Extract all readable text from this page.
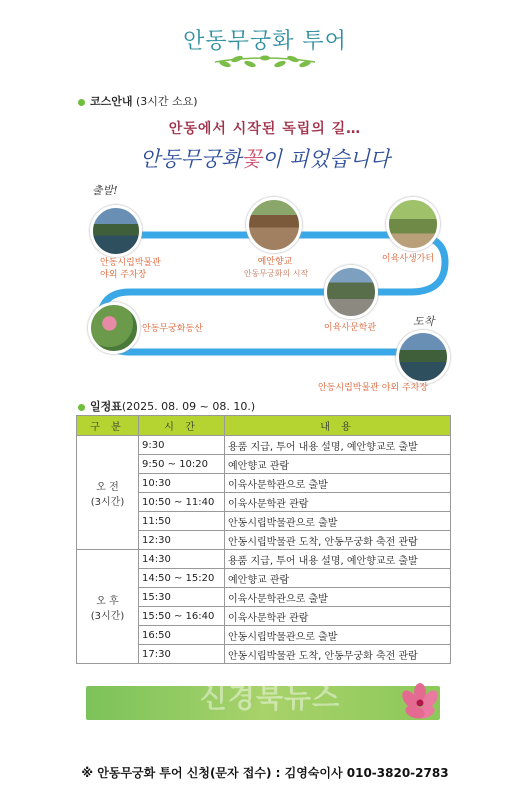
안동무궁화 투어
코스안내 (3시간 소요)
안동에서 시작된 독립의 길…
안동무궁화꽃이 피었습니다
출발!
안동시립박물관
야외 주차장
예안향교
안동무궁화의 시작
이육사생가터
이육사문학관
안동무궁화동산
도착
안동시립박물관 야외 주차장
일정표(2025. 08. 09 ~ 08. 10.)
구 분	시 간	내 용

오 전
(3시간)	9:30	용품 지급, 투어 내용 설명, 예안향교로 출발
	9:50 ~ 10:20	예안향교 관람
	10:30	이육사문학관으로 출발
	10:50 ~ 11:40	이육사문학관 관람
	11:50	안동시립박물관으로 출발
	12:30	안동시립박물관 도착, 안동무궁화 축전 관람

오 후
(3시간)	14:30	용품 지급, 투어 내용 설명, 예안향교로 출발
	14:50 ~ 15:20	예안향교 관람
	15:30	이육사문학관으로 출발
	15:50 ~ 16:40	이육사문학관 관람
	16:50	안동시립박물관으로 출발
	17:30	안동시립박물관 도착, 안동무궁화 축전 관람
신경북뉴스
※ 안동무궁화 투어 신청(문자 접수) : 김영숙이사 010-3820-2783
